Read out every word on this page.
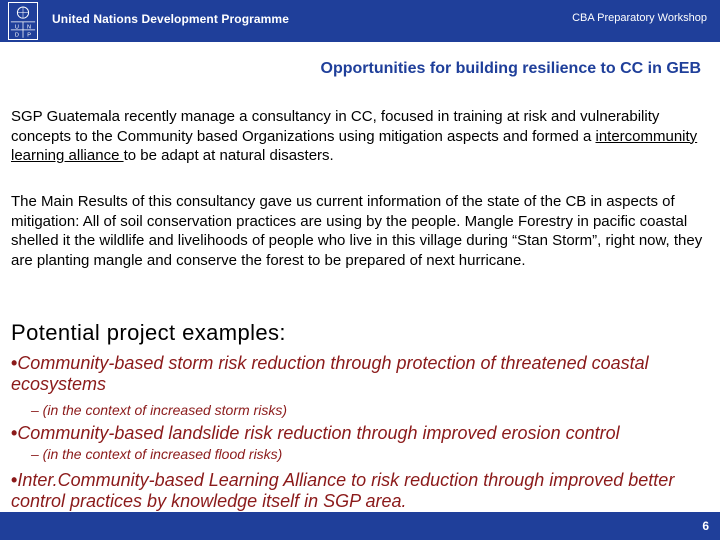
U N
D P
United Nations Development Programme	CBA Preparatory Workshop
Opportunities for building resilience to CC in GEB
SGP Guatemala recently manage a consultancy in CC, focused in training at risk and vulnerability concepts to the Community based Organizations using mitigation aspects and formed a intercommunity learning alliance to be adapt at natural disasters.
The Main Results of this consultancy gave us current information of the state of the CB in aspects of mitigation: All of soil conservation practices are using by the people. Mangle Forestry in pacific coastal shelled it the wildlife and livelihoods of people who live in this village during “Stan Storm”, right now, they are planting mangle and conserve the forest to be prepared of next hurricane.
Potential project examples:
•Community-based storm risk reduction through protection of threatened coastal ecosystems
– (in the context of increased storm risks)
•Community-based landslide risk reduction through improved erosion control
– (in the context of increased flood risks)
•Inter.Community-based Learning Alliance to risk reduction through improved better control practices by knowledge itself in SGP area.
6
